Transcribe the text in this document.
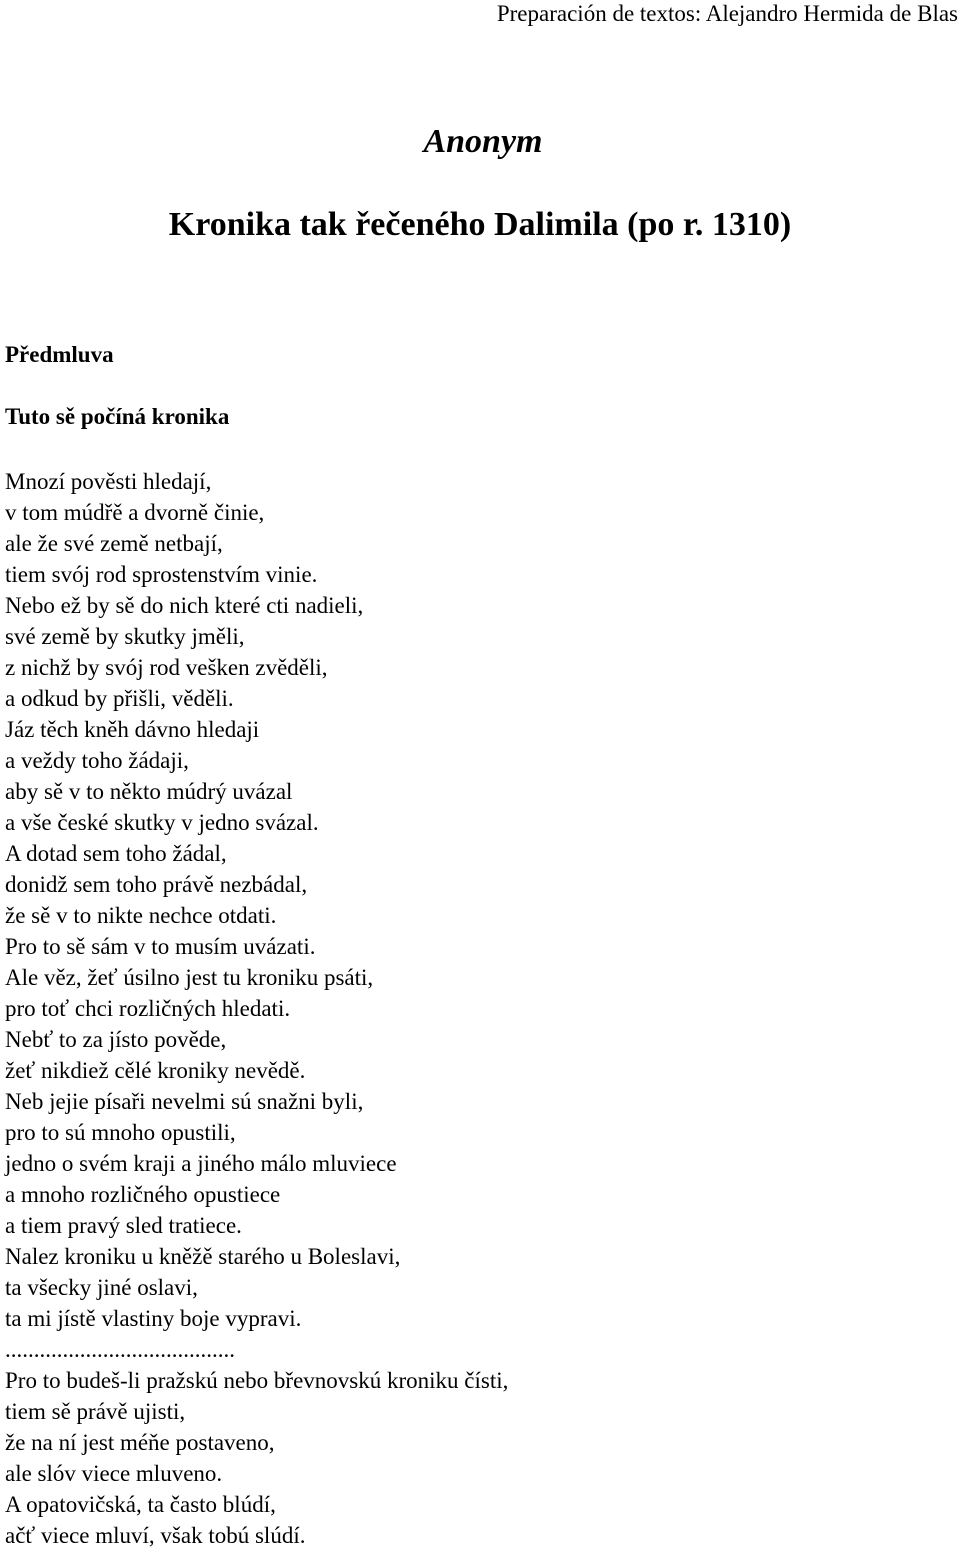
Preparación de textos: Alejandro Hermida de Blas
Anonym
Kronika tak řečeného Dalimila (po r. 1310)
Předmluva
Tuto sě počíná kronika
Mnozí pověsti hledají,
v tom múdřě a dvorně činie,
ale že své země netbají,
tiem svój rod sprostenstvím vinie.
Nebo ež by sě do nich které cti nadieli,
své země by skutky jměli,
z nichž by svój rod vešken zvěděli,
a odkud by přišli, věděli.
Jáz těch kněh dávno hledaji
a veždy toho žádaji,
aby sě v to někto múdrý uvázal
a vše české skutky v jedno svázal.
A dotad sem toho žádal,
donidž sem toho právě nezbádal,
že sě v to nikte nechce otdati.
Pro to sě sám v to musím uvázati.
Ale věz, žeť úsilno jest tu kroniku psáti,
pro toť chci rozličných hledati.
Nebť to za jísto pověde,
žeť nikdiež cělé kroniky nevědě.
Neb jejie písaři nevelmi sú snažni byli,
pro to sú mnoho opustili,
jedno o svém kraji a jiného málo mluviece
a mnoho rozličného opustiece
a tiem pravý sled tratiece.
Nalez kroniku u kněžě starého u Boleslavi,
ta všecky jiné oslavi,
ta mi jístě vlastiny boje vypravi.
........................................
Pro to budeš-li pražskú nebo břevnovskú kroniku čísti,
tiem sě právě ujisti,
že na ní jest méňe postaveno,
ale slóv viece mluveno.
A opatovičská, ta často blúdí,
ačť viece mluví, však tobú slúdí.
